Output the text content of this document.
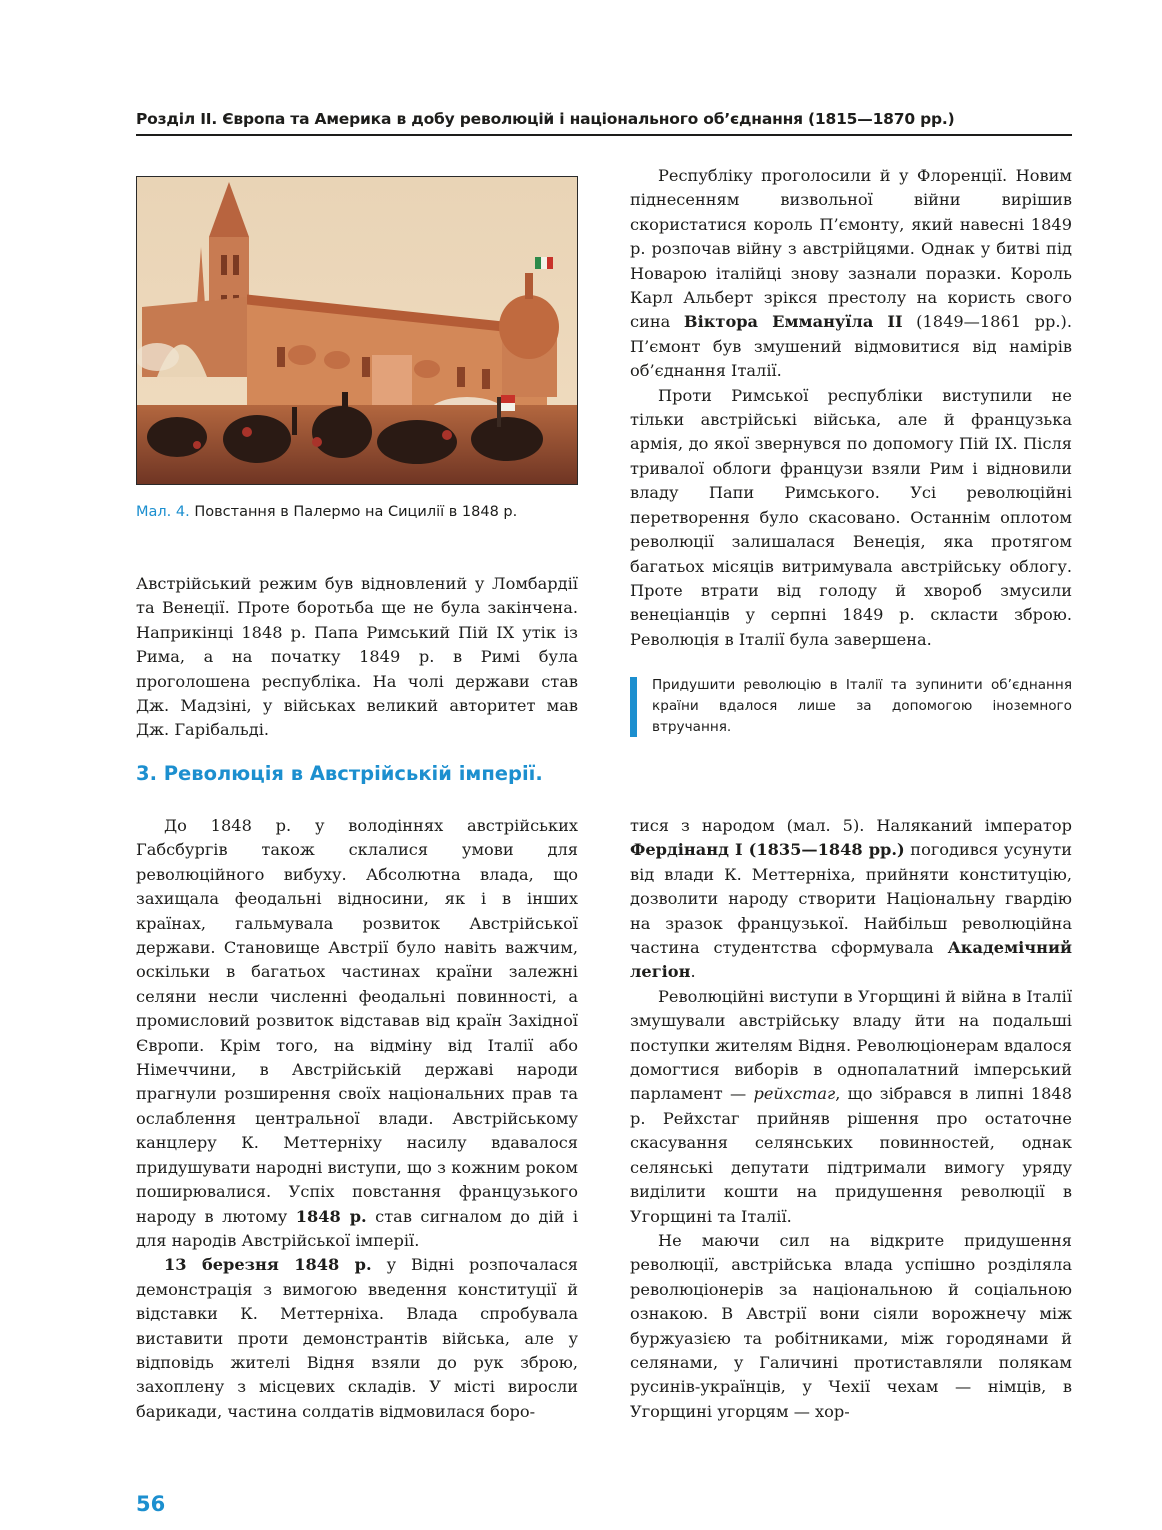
Розділ ІІ. Європа та Америка в добу революцій і національного об’єднання (1815—1870 рр.)
Мал. 4. Повстання в Палермо на Сицилії в 1848 р.

Австрійський режим був відновлений у Ломбардії та Венеції. Проте боротьба ще не була закінчена. Наприкінці 1848 р. Папа Римський Пій IX утік із Рима, а на початку 1849 р. в Римі була проголошена республіка. На чолі держави став Дж. Мадзіні, у військах великий авторитет мав Дж. Гарібальді.

Республіку проголосили й у Флоренції. Новим піднесенням визвольної війни вирішив скористатися король П’ємонту, який навесні 1849 р. розпочав війну з австрійцями. Однак у битві під Новарою італійці знову зазнали поразки. Король Карл Альберт зрікся престолу на користь свого сина Віктора Еммануїла II (1849—1861 рр.). П’ємонт був змушений відмовитися від намірів об’єднання Італії.

Проти Римської республіки виступили не тільки австрійські війська, але й французька армія, до якої звернувся по допомогу Пій IX. Після тривалої облоги французи взяли Рим і відновили владу Папи Римського. Усі революційні перетворення було скасовано. Останнім оплотом революції залишалася Венеція, яка протягом багатьох місяців витримувала австрійську облогу. Проте втрати від голоду й хвороб змусили венеціанців у серпні 1849 р. скласти зброю. Революція в Італії була завершена.

Придушити революцію в Італії та зупинити об’єднання країни вдалося лише за допомогою іноземного втручання.
3. Революція в Австрійській імперії.

До 1848 р. у володіннях австрійських Габсбургів також склалися умови для революційного вибуху. Абсолютна влада, що захищала феодальні відносини, як і в інших країнах, гальмувала розвиток Австрійської держави. Становище Австрії було навіть важчим, оскільки в багатьох частинах країни залежні селяни несли численні феодальні повинності, а промисловий розвиток відставав від країн Західної Європи. Крім того, на відміну від Італії або Німеччини, в Австрійській державі народи прагнули розширення своїх національних прав та ослаблення центральної влади. Австрійському канцлеру К. Меттерніху насилу вдавалося придушувати народні виступи, що з кожним роком поширювалися. Успіх повстання французького народу в лютому 1848 р. став сигналом до дій і для народів Австрійської імперії.

13 березня 1848 р. у Відні розпочалася демонстрація з вимогою введення конституції й відставки К. Меттерніха. Влада спробувала виставити проти демонстрантів війська, але у відповідь жителі Відня взяли до рук зброю, захоплену з місцевих складів. У місті виросли барикади, частина солдатів відмовилася боро-

тися з народом (мал. 5). Наляканий імператор Фердінанд I (1835—1848 рр.) погодився усунути від влади К. Меттерніха, прийняти конституцію, дозволити народу створити Національну гвардію на зразок французької. Найбільш революційна частина студентства сформувала Академічний легіон.

Революційні виступи в Угорщині й війна в Італії змушували австрійську владу йти на подальші поступки жителям Відня. Революціонерам вдалося домогтися виборів в однопалатний імперський парламент — рейхстаг, що зібрався в липні 1848 р. Рейхстаг прийняв рішення про остаточне скасування селянських повинностей, однак селянські депутати підтримали вимогу уряду виділити кошти на придушення революції в Угорщині та Італії.

Не маючи сил на відкрите придушення революції, австрійська влада успішно розділяла революціонерів за національною й соціальною ознакою. В Австрії вони сіяли ворожнечу між буржуазією та робітниками, між городянами й селянами, у Галичині протиставляли полякам русинів-українців, у Чехії чехам — німців, в Угорщині угорцям — хор-

56
